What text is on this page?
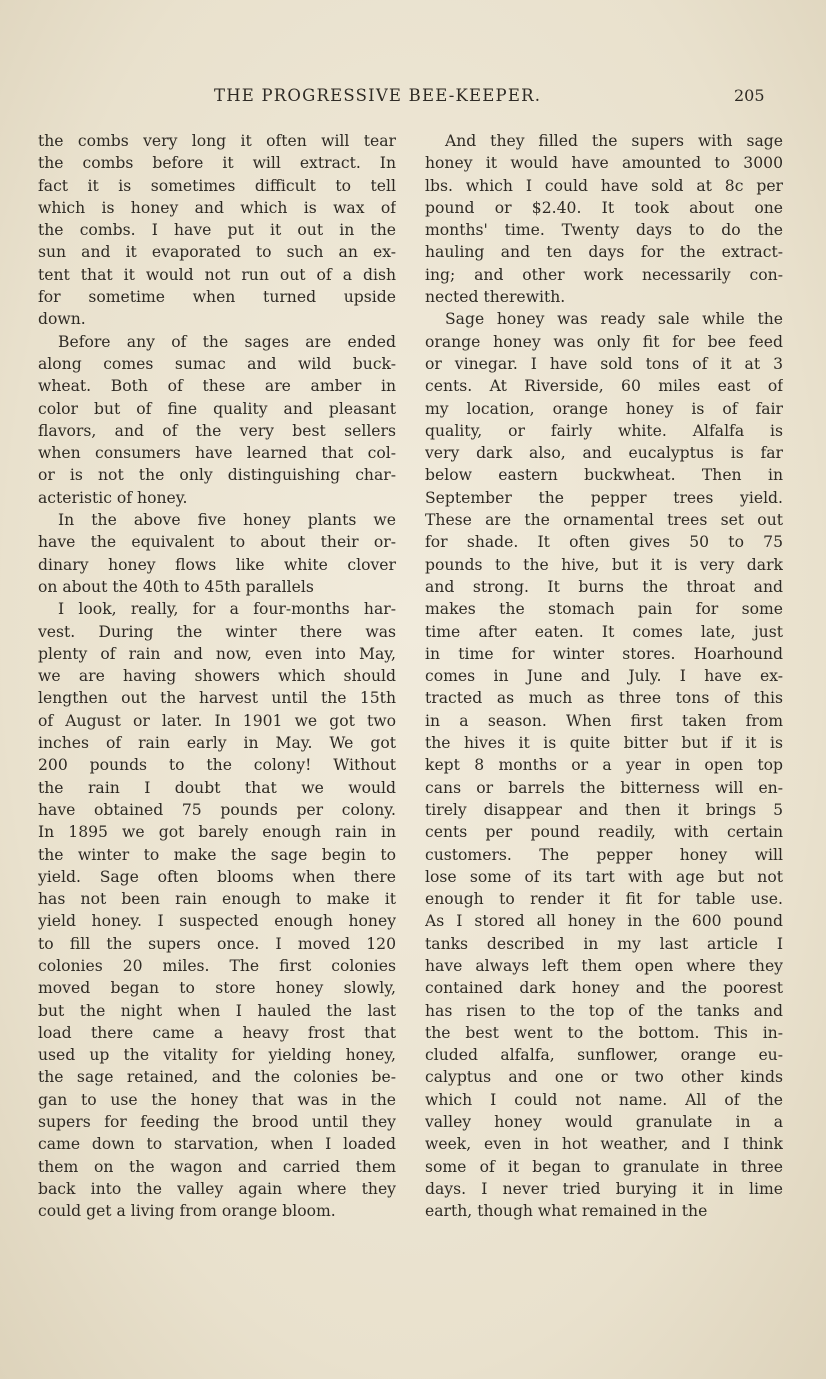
THE PROGRESSIVE BEE-KEEPER.	205
the combs very long it often will tear
the combs before it will extract. In
fact it is sometimes difficult to tell
which is honey and which is wax of
the combs. I have put it out in the
sun and it evaporated to such an ex-
tent that it would not run out of a dish
for sometime when turned upside
down.
Before any of the sages are ended
along comes sumac and wild buck-
wheat. Both of these are amber in
color but of fine quality and pleasant
flavors, and of the very best sellers
when consumers have learned that col-
or is not the only distinguishing char-
acteristic of honey.
In the above five honey plants we
have the equivalent to about their or-
dinary honey flows like white clover
on about the 40th to 45th parallels
I look, really, for a four-months har-
vest. During the winter there was
plenty of rain and now, even into May,
we are having showers which should
lengthen out the harvest until the 15th
of August or later. In 1901 we got two
inches of rain early in May. We got
200 pounds to the colony! Without
the rain I doubt that we would
have obtained 75 pounds per colony.
In 1895 we got barely enough rain in
the winter to make the sage begin to
yield. Sage often blooms when there
has not been rain enough to make it
yield honey. I suspected enough honey
to fill the supers once. I moved 120
colonies 20 miles. The first colonies
moved began to store honey slowly,
but the night when I hauled the last
load there came a heavy frost that
used up the vitality for yielding honey,
the sage retained, and the colonies be-
gan to use the honey that was in the
supers for feeding the brood until they
came down to starvation, when I loaded
them on the wagon and carried them
back into the valley again where they
could get a living from orange bloom.
And they filled the supers with sage
honey it would have amounted to 3000
lbs. which I could have sold at 8c per
pound or $2.40. It took about one
months' time. Twenty days to do the
hauling and ten days for the extract-
ing; and other work necessarily con-
nected therewith.
Sage honey was ready sale while the
orange honey was only fit for bee feed
or vinegar. I have sold tons of it at 3
cents. At Riverside, 60 miles east of
my location, orange honey is of fair
quality, or fairly white. Alfalfa is
very dark also, and eucalyptus is far
below eastern buckwheat. Then in
September the pepper trees yield.
These are the ornamental trees set out
for shade. It often gives 50 to 75
pounds to the hive, but it is very dark
and strong. It burns the throat and
makes the stomach pain for some
time after eaten. It comes late, just
in time for winter stores. Hoarhound
comes in June and July. I have ex-
tracted as much as three tons of this
in a season. When first taken from
the hives it is quite bitter but if it is
kept 8 months or a year in open top
cans or barrels the bitterness will en-
tirely disappear and then it brings 5
cents per pound readily, with certain
customers. The pepper honey will
lose some of its tart with age but not
enough to render it fit for table use.
As I stored all honey in the 600 pound
tanks described in my last article I
have always left them open where they
contained dark honey and the poorest
has risen to the top of the tanks and
the best went to the bottom. This in-
cluded alfalfa, sunflower, orange eu-
calyptus and one or two other kinds
which I could not name. All of the
valley honey would granulate in a
week, even in hot weather, and I think
some of it began to granulate in three
days. I never tried burying it in lime
earth, though what remained in the
